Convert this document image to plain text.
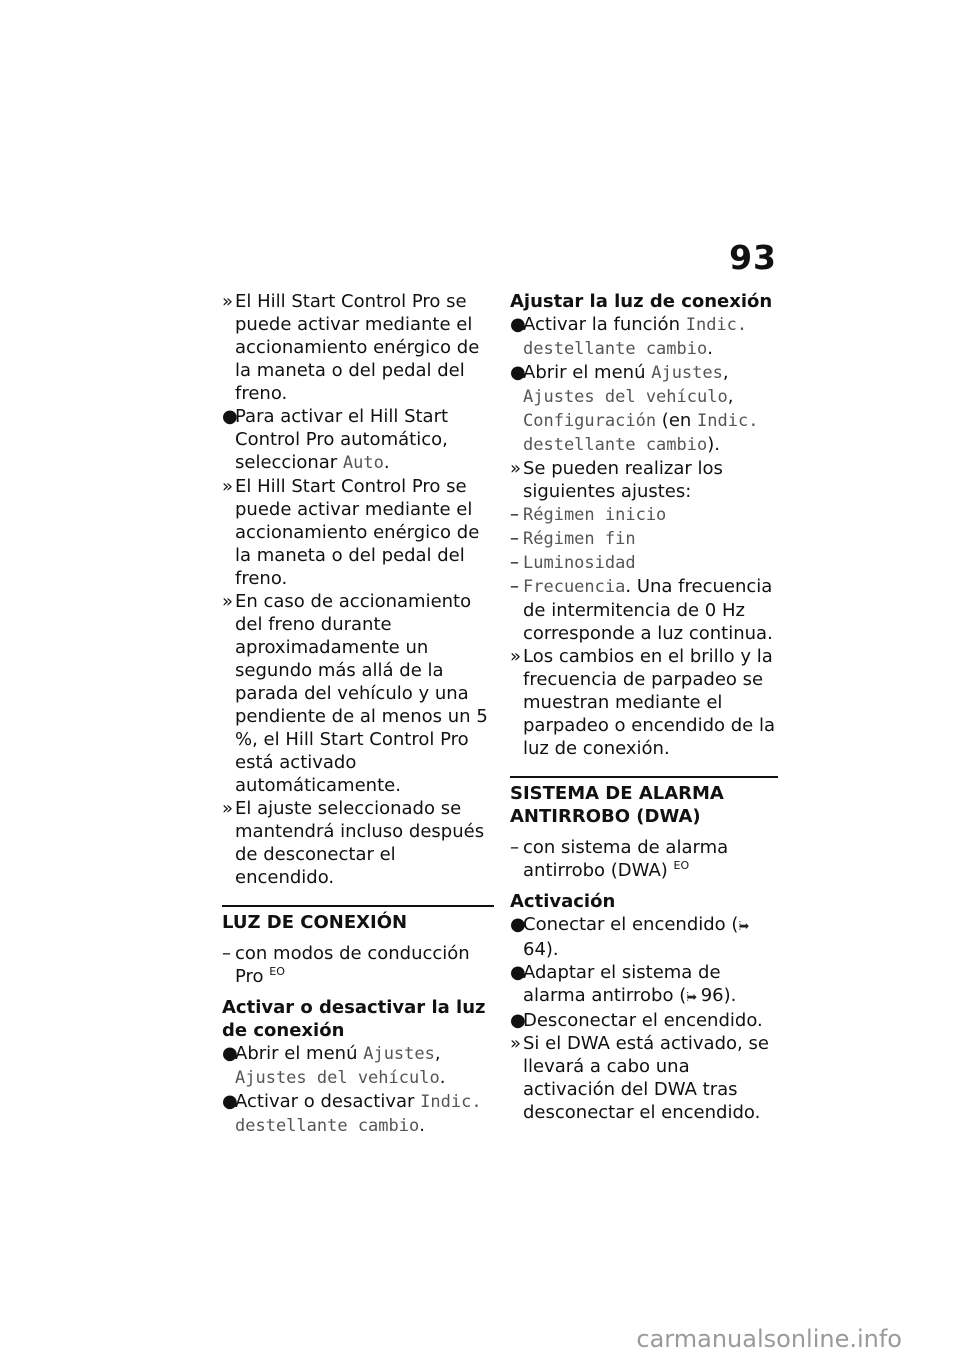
93

» El Hill Start Control Pro se puede activar mediante el accionamiento enérgico de la maneta o del pedal del freno.

●
Para activar el Hill Start Control Pro automático, seleccionar Auto.

» El Hill Start Control Pro se puede activar mediante el accionamiento enérgico de la maneta o del pedal del freno.

» En caso de accionamiento del freno durante aproximadamente un segundo más allá de la parada del vehículo y una pendiente de al menos un 5 %, el Hill Start Control Pro está activado automáticamente.

» El ajuste seleccionado se mantendrá incluso después de desconectar el encendido.

LUZ DE CONEXIÓN

– con modos de conducción Pro $^{EO}$

Activar o desactivar la luz de conexión

●
Abrir el menú Ajustes, Ajustes del vehículo.

●
Activar o desactivar Indic. destellante cambio.

Ajustar la luz de conexión

●
Activar la función Indic. destellante cambio.

●
Abrir el menú Ajustes, Ajustes del vehículo, Configuración (en Indic. destellante cambio).

» Se pueden realizar los siguientes ajustes:

– Régimen inicio

– Régimen fin

– Luminosidad

– Frecuencia. Una frecuencia de intermitencia de 0 Hz corresponde a luz continua.

» Los cambios en el brillo y la frecuencia de parpadeo se muestran mediante el parpadeo o encendido de la luz de conexión.

SISTEMA DE ALARMA ANTIRROBO (DWA)

– con sistema de alarma antirrobo (DWA) $^{EO}$

Activación

●
Conectar el encendido (⦙➡ 64).

●
Adaptar el sistema de alarma antirrobo (⦙➡ 96).

●
Desconectar el encendido.

» Si el DWA está activado, se llevará a cabo una activación del DWA tras desconectar el encendido.

carmanualsonline.info
